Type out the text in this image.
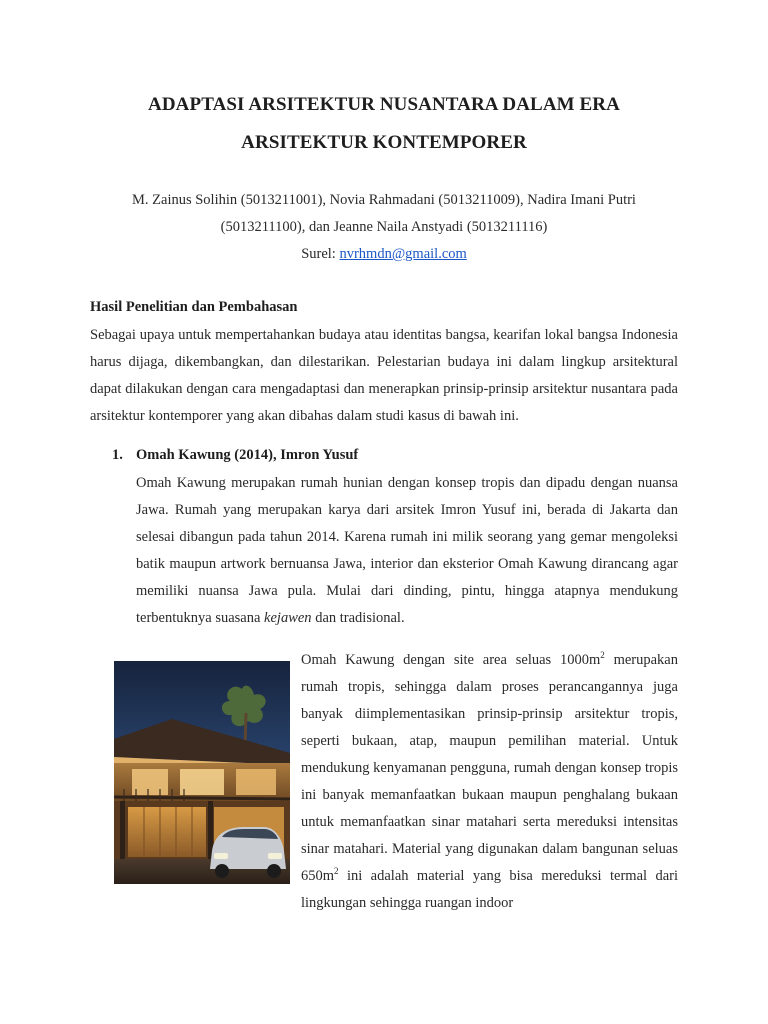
ADAPTASI ARSITEKTUR NUSANTARA DALAM ERA
ARSITEKTUR KONTEMPORER
M. Zainus Solihin (5013211001), Novia Rahmadani (5013211009), Nadira Imani Putri
(5013211100), dan Jeanne Naila Anstyadi (5013211116)
Surel: nvrhmdn@gmail.com
Hasil Penelitian dan Pembahasan

Sebagai upaya untuk mempertahankan budaya atau identitas bangsa, kearifan lokal bangsa Indonesia harus dijaga, dikembangkan, dan dilestarikan. Pelestarian budaya ini dalam lingkup arsitektural dapat dilakukan dengan cara mengadaptasi dan menerapkan prinsip-prinsip arsitektur nusantara pada arsitektur kontemporer yang akan dibahas dalam studi kasus di bawah ini.

1. Omah Kawung (2014), Imron Yusuf

Omah Kawung merupakan rumah hunian dengan konsep tropis dan dipadu dengan nuansa Jawa. Rumah yang merupakan karya dari arsitek Imron Yusuf ini, berada di Jakarta dan selesai dibangun pada tahun 2014. Karena rumah ini milik seorang yang gemar mengoleksi batik maupun artwork bernuansa Jawa, interior dan eksterior Omah Kawung dirancang agar memiliki nuansa Jawa pula. Mulai dari dinding, pintu, hingga atapnya mendukung terbentuknya suasana kejawen dan tradisional.

Omah Kawung dengan site area seluas $1000m^2$ merupakan rumah tropis, sehingga dalam proses perancangannya juga banyak diimplementasikan prinsip-prinsip arsitektur tropis, seperti bukaan, atap, maupun pemilihan material. Untuk mendukung kenyamanan pengguna, rumah dengan konsep tropis ini banyak memanfaatkan bukaan maupun penghalang bukaan untuk memanfaatkan sinar matahari serta mereduksi intensitas sinar matahari. Material yang digunakan dalam bangunan seluas $650m^2$ ini adalah material yang bisa mereduksi termal dari lingkungan sehingga ruangan indoor
